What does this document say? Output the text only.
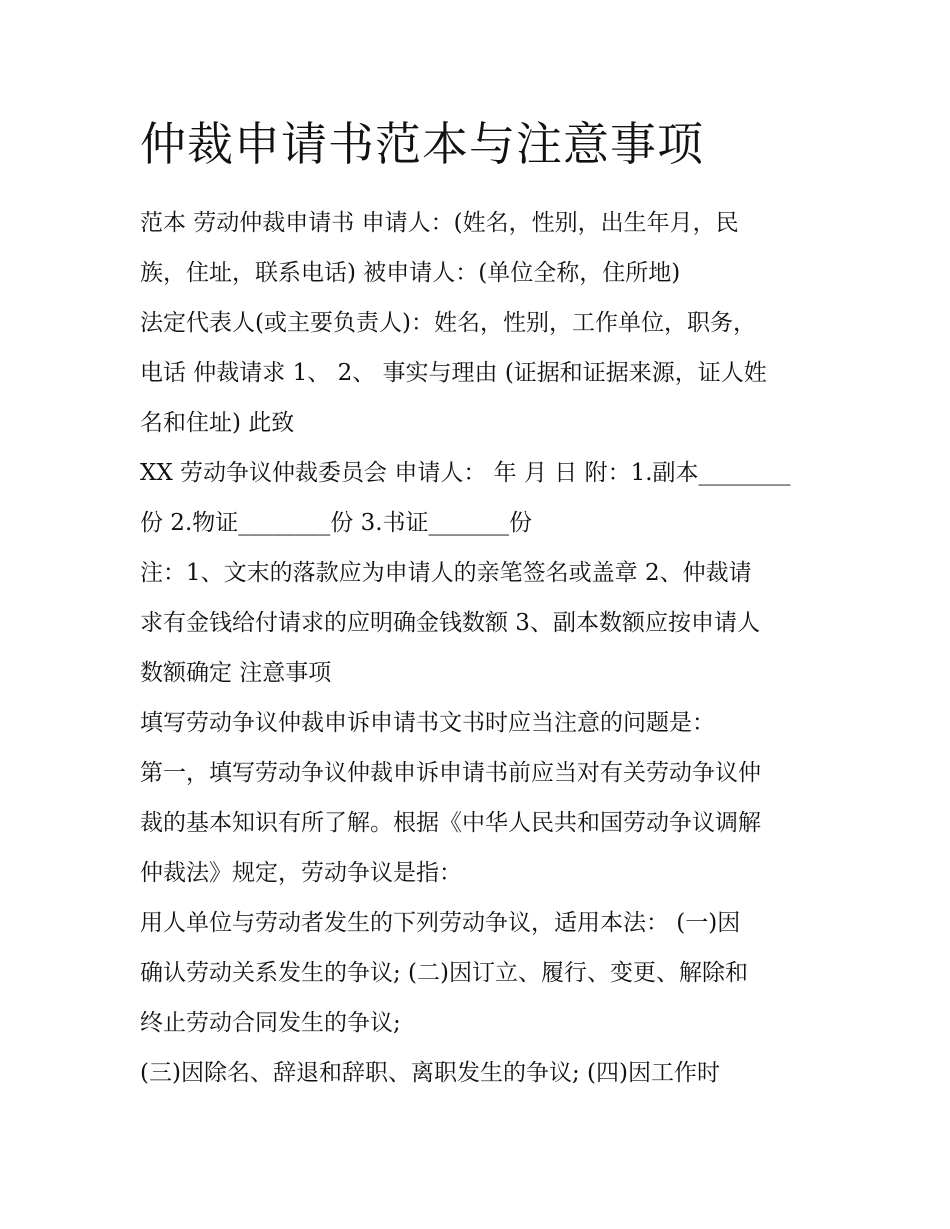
仲裁申请书范本与注意事项

范本 劳动仲裁申请书 申请人：(姓名，性别，出生年月，民
族，住址，联系电话) 被申请人：(单位全称，住所地)

法定代表人(或主要负责人)：姓名，性别，工作单位，职务，
电话 仲裁请求 1、 2、 事实与理由 (证据和证据来源，证人姓
名和住址) 此致

XX 劳动争议仲裁委员会 申请人： 年 月 日 附：1.副本________
份 2.物证________份 3.书证_______份

注：1、文末的落款应为申请人的亲笔签名或盖章 2、仲裁请
求有金钱给付请求的应明确金钱数额 3、副本数额应按申请人
数额确定 注意事项

填写劳动争议仲裁申诉申请书文书时应当注意的问题是：

第一，填写劳动争议仲裁申诉申请书前应当对有关劳动争议仲
裁的基本知识有所了解。根据《中华人民共和国劳动争议调解
仲裁法》规定，劳动争议是指：

用人单位与劳动者发生的下列劳动争议，适用本法： (一)因
确认劳动关系发生的争议; (二)因订立、履行、变更、解除和
终止劳动合同发生的争议;

(三)因除名、辞退和辞职、离职发生的争议; (四)因工作时
